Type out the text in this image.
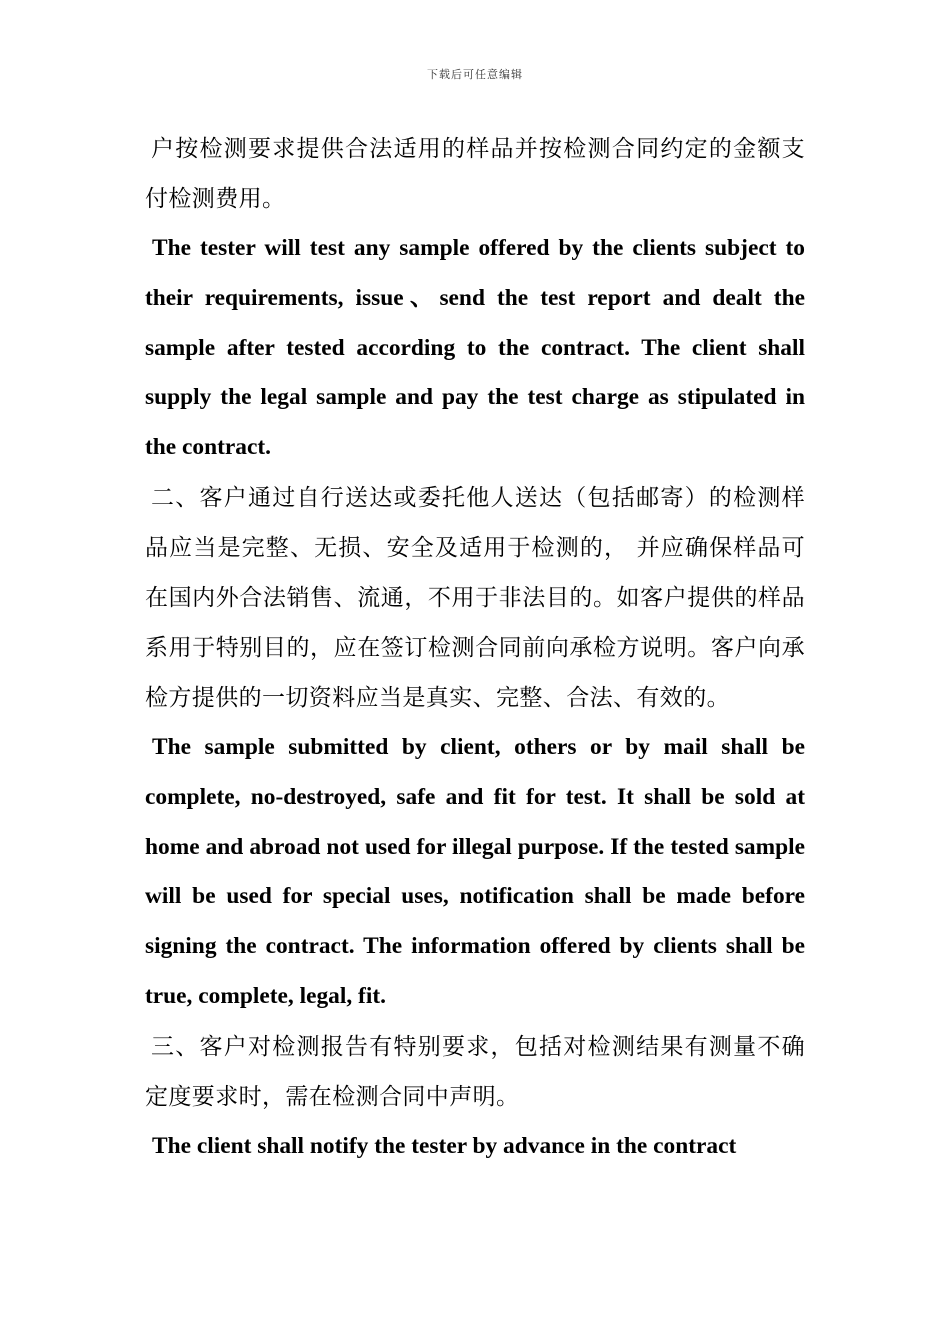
下载后可任意编辑

户按检测要求提供合法适用的样品并按检测合同约定的金额支付检测费用。

The tester will test any sample offered by the clients subject to their requirements, issue、send the test report and dealt the sample after tested according to the contract. The client shall supply the legal sample and pay the test charge as stipulated in the contract.

二、客户通过自行送达或委托他人送达（包括邮寄）的检测样品应当是完整、无损、安全及适用于检测的， 并应确保样品可在国内外合法销售、流通，不用于非法目的。如客户提供的样品系用于特别目的，应在签订检测合同前向承检方说明。客户向承检方提供的一切资料应当是真实、完整、合法、有效的。

The sample submitted by client, others or by mail shall be complete, no-destroyed, safe and fit for test. It shall be sold at home and abroad not used for illegal purpose. If the tested sample will be used for special uses, notification shall be made before signing the contract. The information offered by clients shall be true, complete, legal, fit.

三、客户对检测报告有特别要求，包括对检测结果有测量不确定度要求时，需在检测合同中声明。

The client shall notify the tester by advance in the contract
